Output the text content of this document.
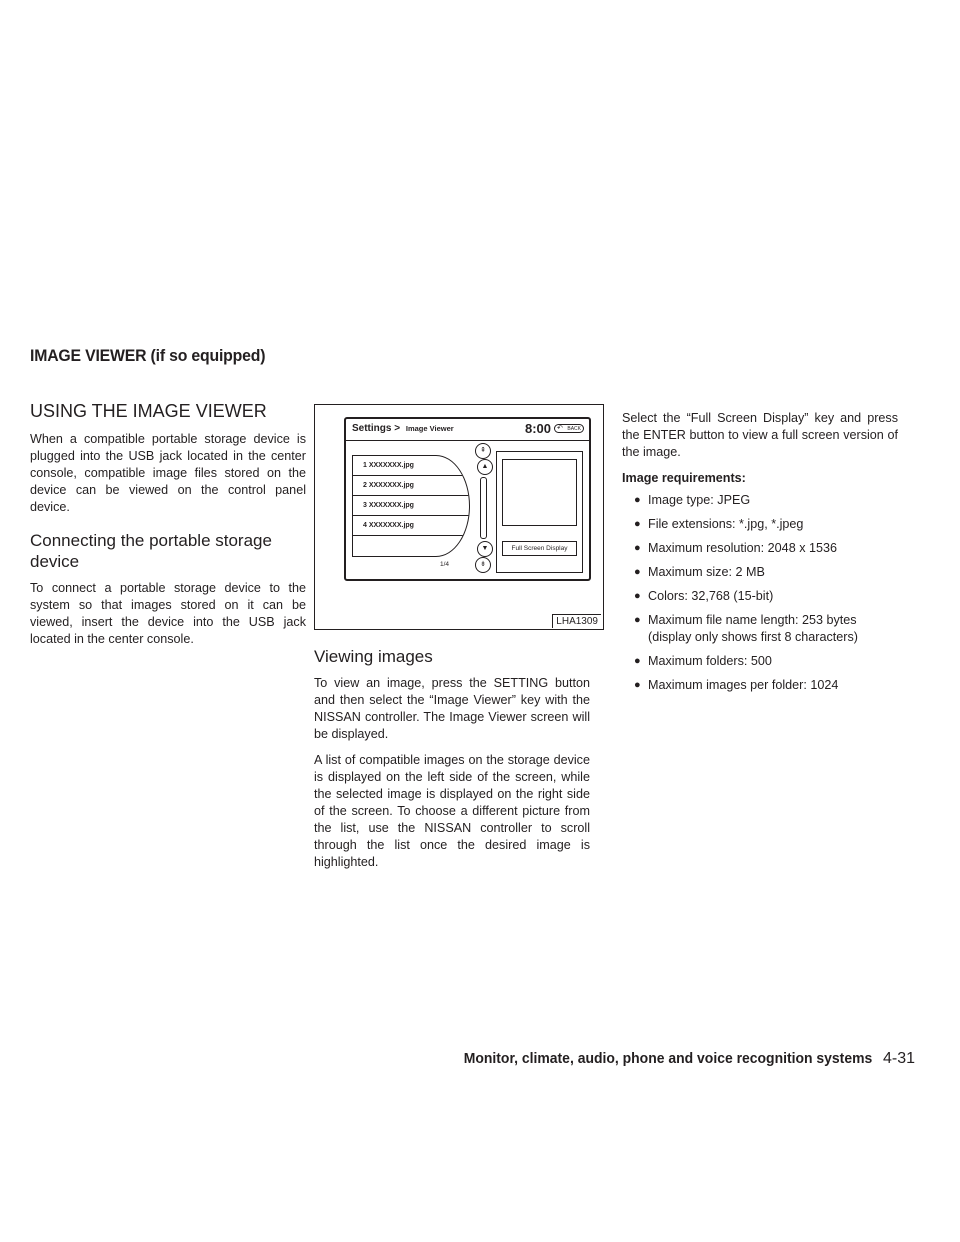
IMAGE VIEWER (if so equipped)
USING THE IMAGE VIEWER

When a compatible portable storage device is plugged into the USB jack located in the center console, compatible image files stored on the device can be viewed on the control panel device.

Connecting the portable storage device

To connect a portable storage device to the system so that images stored on it can be viewed, insert the device into the USB jack located in the center console.

Settings > Image Viewer	8:00 ↶ BACK
1 XXXXXXX.jpg
2 XXXXXXX.jpg
3 XXXXXXX.jpg
4 XXXXXXX.jpg
⇞
▲
▼
⇟
1/4
Full Screen Display
LHA1309
Viewing images

To view an image, press the SETTING button and then select the “Image Viewer” key with the NISSAN controller. The Image Viewer screen will be displayed.

A list of compatible images on the storage device is displayed on the left side of the screen, while the selected image is displayed on the right side of the screen. To choose a different picture from the list, use the NISSAN controller to scroll through the list once the desired image is highlighted.

Select the “Full Screen Display” key and press the ENTER button to view a full screen version of the image.

Image requirements:

● Image type: JPEG
● File extensions: *.jpg, *.jpeg
● Maximum resolution: 2048 x 1536
● Maximum size: 2 MB
● Colors: 32,768 (15-bit)
● Maximum file name length: 253 bytes (display only shows first 8 characters)
● Maximum folders: 500
● Maximum images per folder: 1024
Monitor, climate, audio, phone and voice recognition systems 4-31
